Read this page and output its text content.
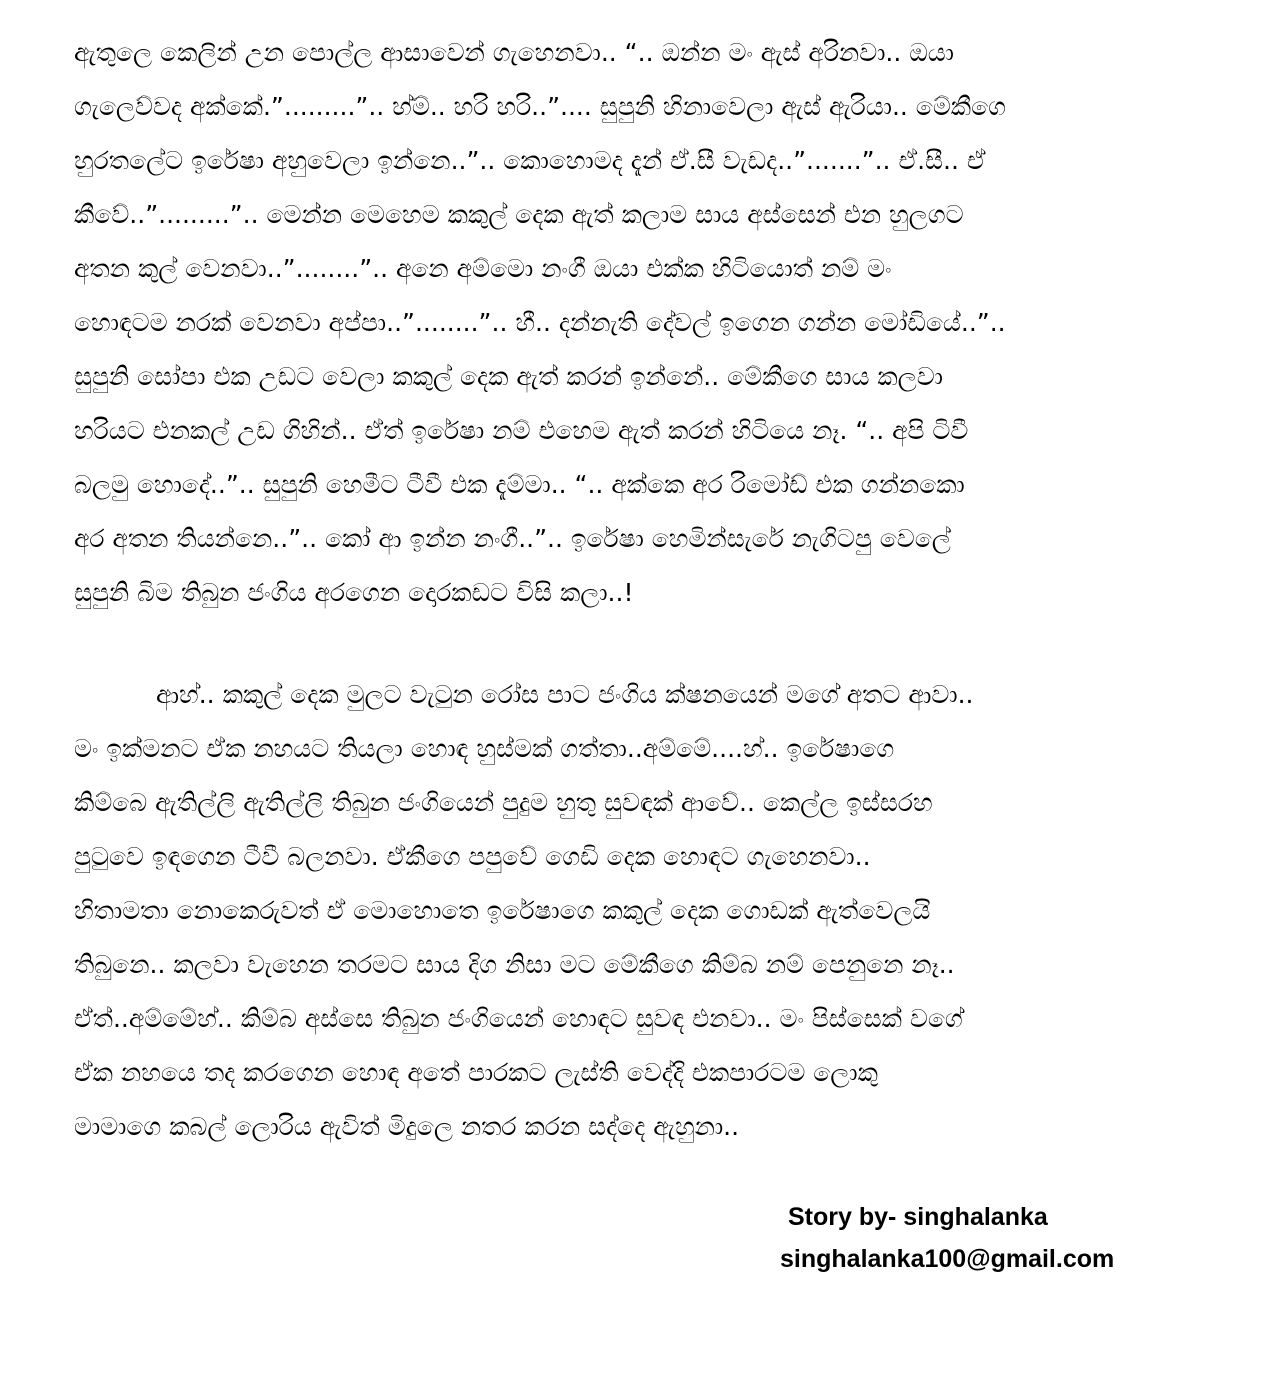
ඇතුලෙ කෙලින් උන පොල්ල ආසාවෙන් ගැහෙනවා.. “.. ඔන්න මං ඇස් අරිනවා.. ඔයා
ගැලෙව්වද අක්කේ.”.........”.. හ්ම්.. හරි හරි..”.... සුපුනි හිනාවෙලා ඇස් ඇරියා.. මේකීගෙ
හුරතලේට ඉරේෂා අහුවෙලා ඉන්නෙ..”.. කොහොමද දැන් ඒ.සී වැඩද..”.......”.. ඒ.සී.. ඒ
කීවේ..”.........”.. මෙන්න මෙහෙම කකුල් දෙක ඇත් කලාම සාය අස්සෙන් එන හුලගට
අතන කුල් වෙනවා..”........”.. අනෙ අම්මො නංගී ඔයා එක්ක හිටියොත් නම් මං
හොඳටම නරක් වෙනවා අප්පා..”........”.. හී.. දන්නැති දේවල් ඉගෙන ගන්න මෝඩියේ..”..
සුපුනි සෝපා එක උඩට වෙලා කකුල් දෙක ඇත් කරන් ඉන්නේ.. මේකීගෙ සාය කලවා
හරියට එනකල් උඩ ගිහින්.. ඒත් ඉරේෂා නම් එහෙම ඇත් කරන් හිටියෙ නෑ. “.. අපි ටිවී
බලමු හොදේ..”.. සුපුනි හෙමීට ටීවී එක දැම්මා.. “.. අක්කෙ අර රිමෝඩ් එක ගන්නකො
අර අතන තියන්නෙ..”.. කෝ ආ ඉන්න නංගී..”.. ඉරේෂා හෙමින්සැරේ නැගිටපු වෙලේ
සුපුනි බිම තිබුන ජංගිය අරගෙන දොරකඩට විසි කලා..!
ආහ්.. කකුල් දෙක මුලට වැටුන රෝස පාට ජංගිය ක්ෂනයෙන් මගේ අතට ආවා..
මං ඉක්මනට ඒක නහයට තියලා හොඳ හුස්මක් ගත්තා..අම්මේ....හ්.. ඉරේෂාගෙ
කිම්බෙ ඇතිල්ලි ඇතිල්ලි තිබුන ජංගියෙන් පුදුම හුතු සුවඳක් ආවේ.. කෙල්ල ඉස්සරහ
පුටුවෙ ඉඳගෙන ටීවී බලනවා. ඒකීගෙ පපුවේ ගෙඩි දෙක හොඳට ගැහෙනවා..
හිතාමතා නොකෙරුවත් ඒ මොහොතෙ ඉරේෂාගෙ කකුල් දෙක ගොඩක් ඇත්වෙලයි
තිබුනෙ.. කලවා වැහෙන තරමට සාය දිග නිසා මට මේකීගෙ කිම්බ නම් පෙනුනෙ නෑ..
ඒත්..අම්මේහ්.. කිම්බ අස්සෙ තිබුන ජංගියෙන් හොඳට සුවඳ එනවා.. මං පිස්සෙක් වගේ
ඒක නහයෙ තද කරගෙන හොඳ අතේ පාරකට ලැස්ති වෙද්දි එකපාරටම ලොකු
මාමාගෙ කබල් ලොරිය ඇවිත් මිදුලෙ නතර කරන සද්දෙ ඇහුනා..
Story by- singhalanka
singhalanka100@gmail.com
